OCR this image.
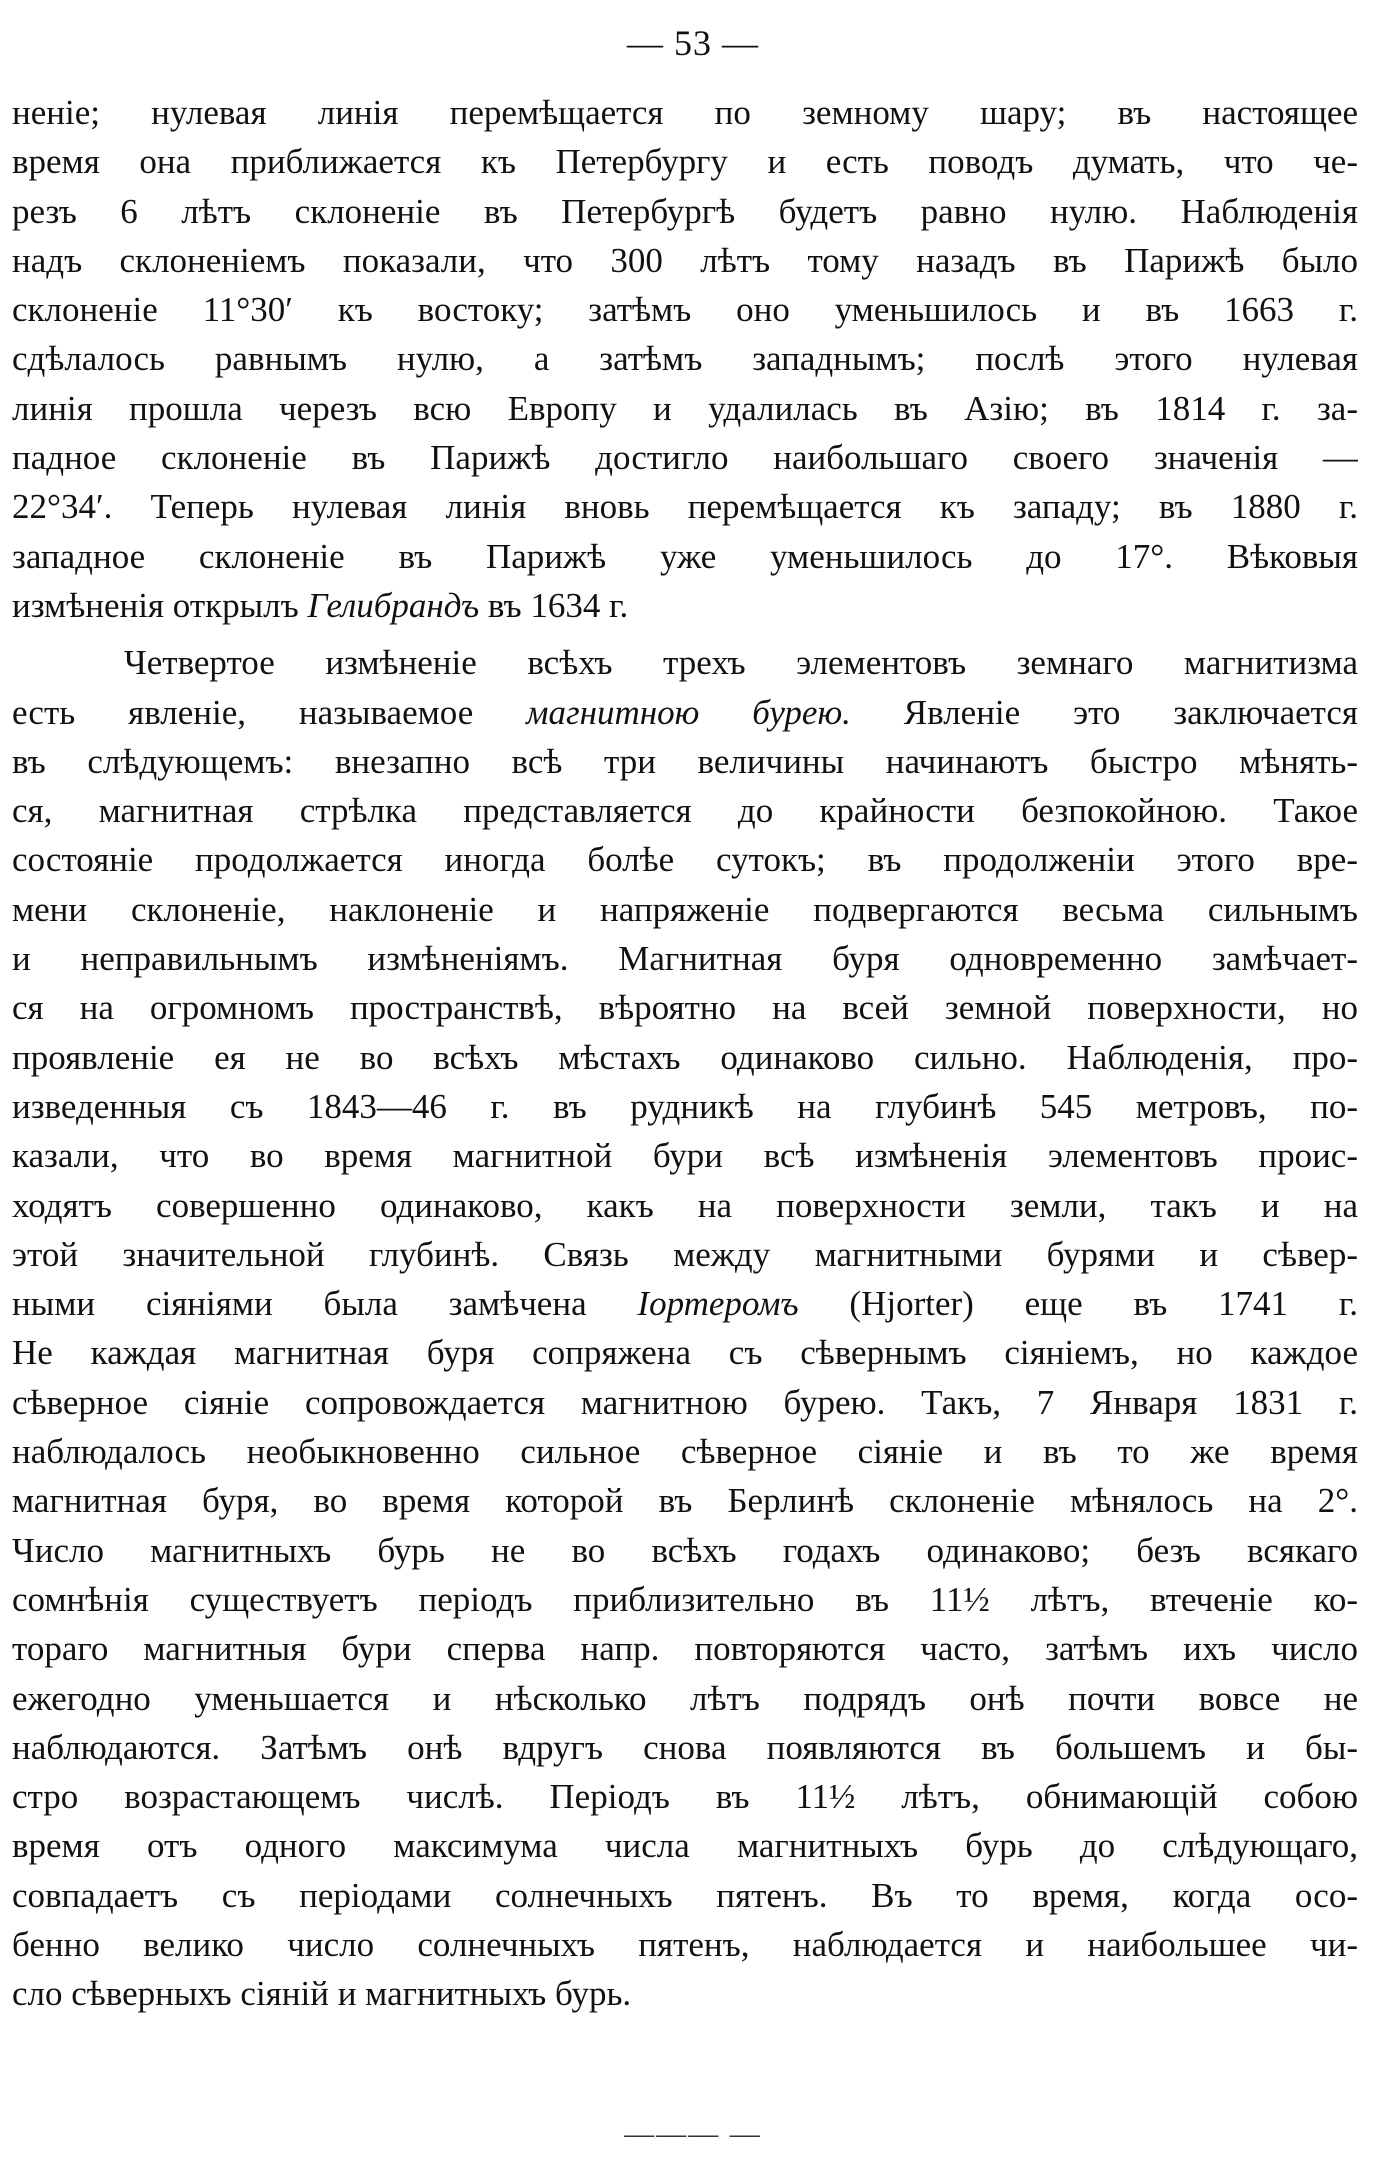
— 53 —
неніе; нулевая линія перемѣщается по земному шару; въ настоящее
время она приближается къ Петербургу и есть поводъ думать, что че-
резъ 6 лѣтъ склоненіе въ Петербургѣ будетъ равно нулю. Наблюденія
надъ склоненіемъ показали, что 300 лѣтъ тому назадъ въ Парижѣ было
склоненіе 11°30′ къ востоку; затѣмъ оно уменьшилось и въ 1663 г.
сдѣлалось равнымъ нулю, а затѣмъ западнымъ; послѣ этого нулевая
линія прошла черезъ всю Европу и удалилась въ Азію; въ 1814 г. за-
падное склоненіе въ Парижѣ достигло наибольшаго своего значенія —
22°34′. Теперь нулевая линія вновь перемѣщается къ западу; въ 1880 г.
западное склоненіе въ Парижѣ уже уменьшилось до 17°. Вѣковыя
измѣненія открылъ Гелибрандъ въ 1634 г.
Четвертое измѣненіе всѣхъ трехъ элементовъ земнаго магнитизма
есть явленіе, называемое магнитною бурею. Явленіе это заключается
въ слѣдующемъ: внезапно всѣ три величины начинаютъ быстро мѣнять-
ся, магнитная стрѣлка представляется до крайности безпокойною. Такое
состояніе продолжается иногда болѣе сутокъ; въ продолженіи этого вре-
мени склоненіе, наклоненіе и напряженіе подвергаются весьма сильнымъ
и неправильнымъ измѣненіямъ. Магнитная буря одновременно замѣчает-
ся на огромномъ пространствѣ, вѣроятно на всей земной поверхности, но
проявленіе ея не во всѣхъ мѣстахъ одинаково сильно. Наблюденія, про-
изведенныя съ 1843—46 г. въ рудникѣ на глубинѣ 545 метровъ, по-
казали, что во время магнитной бури всѣ измѣненія элементовъ проис-
ходятъ совершенно одинаково, какъ на поверхности земли, такъ и на
этой значительной глубинѣ. Связь между магнитными бурями и сѣвер-
ными сіяніями была замѣчена Іортеромъ (Hjorter) еще въ 1741 г.
Не каждая магнитная буря сопряжена съ сѣвернымъ сіяніемъ, но каждое
сѣверное сіяніе сопровождается магнитною бурею. Такъ, 7 Января 1831 г.
наблюдалось необыкновенно сильное сѣверное сіяніе и въ то же время
магнитная буря, во время которой въ Берлинѣ склоненіе мѣнялось на 2°.
Число магнитныхъ бурь не во всѣхъ годахъ одинаково; безъ всякаго
сомнѣнія существуетъ періодъ приблизительно въ 11½ лѣтъ, втеченіе ко-
тораго магнитныя бури сперва напр. повторяются часто, затѣмъ ихъ число
ежегодно уменьшается и нѣсколько лѣтъ подрядъ онѣ почти вовсе не
наблюдаются. Затѣмъ онѣ вдругъ снова появляются въ большемъ и бы-
стро возрастающемъ числѣ. Періодъ въ 11½ лѣтъ, обнимающій собою
время отъ одного максимума числа магнитныхъ бурь до слѣдующаго,
совпадаетъ съ періодами солнечныхъ пятенъ. Въ то время, когда осо-
бенно велико число солнечныхъ пятенъ, наблюдается и наибольшее чи-
сло сѣверныхъ сіяній и магнитныхъ бурь.
——— —
